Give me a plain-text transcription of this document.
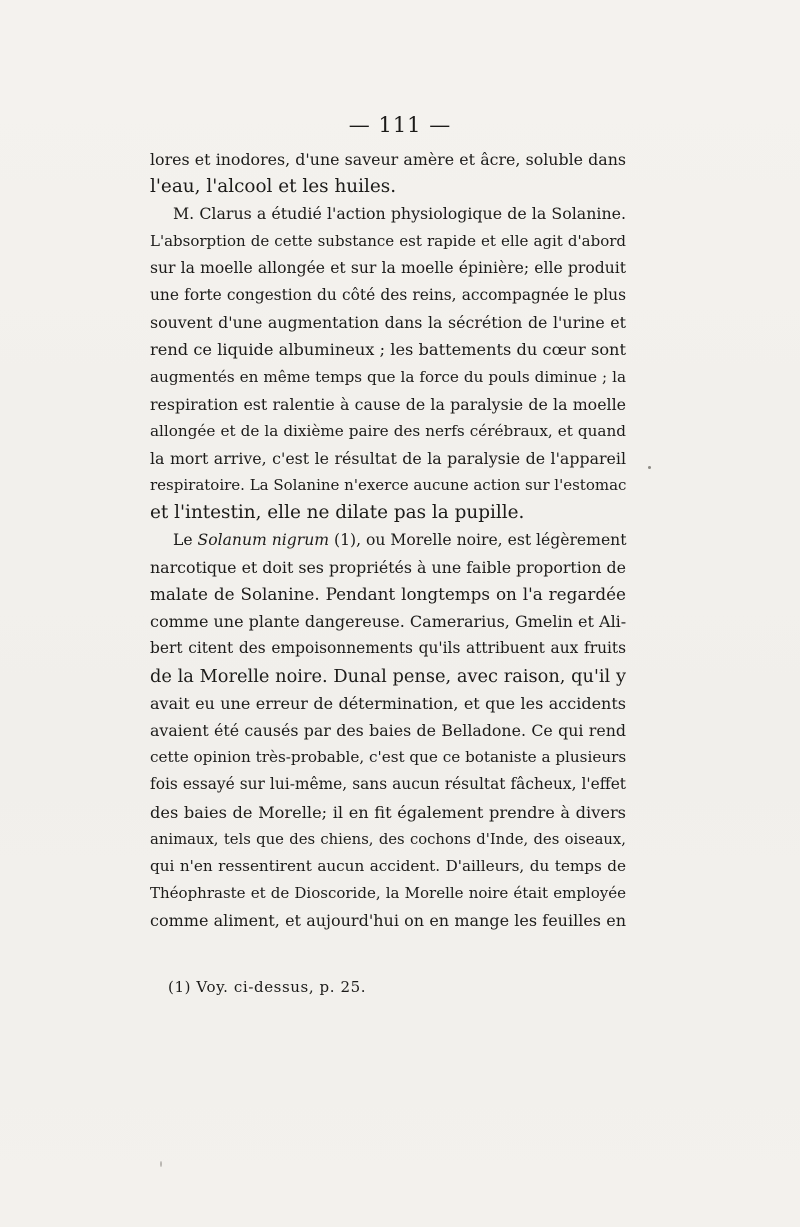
— 111 —
lores et inodores, d'une saveur amère et âcre, soluble dans
l'eau, l'alcool et les huiles.
M. Clarus a étudié l'action physiologique de la Solanine.
L'absorption de cette substance est rapide et elle agit d'abord
sur la moelle allongée et sur la moelle épinière; elle produit
une forte congestion du côté des reins, accompagnée le plus
souvent d'une augmentation dans la sécrétion de l'urine et
rend ce liquide albumineux ; les battements du cœur sont
augmentés en même temps que la force du pouls diminue ; la
respiration est ralentie à cause de la paralysie de la moelle
allongée et de la dixième paire des nerfs cérébraux, et quand
la mort arrive, c'est le résultat de la paralysie de l'appareil
respiratoire. La Solanine n'exerce aucune action sur l'estomac
et l'intestin, elle ne dilate pas la pupille.
Le Solanum nigrum (1), ou Morelle noire, est légèrement
narcotique et doit ses propriétés à une faible proportion de
malate de Solanine. Pendant longtemps on l'a regardée
comme une plante dangereuse. Camerarius, Gmelin et Ali-
bert citent des empoisonnements qu'ils attribuent aux fruits
de la Morelle noire. Dunal pense, avec raison, qu'il y
avait eu une erreur de détermination, et que les accidents
avaient été causés par des baies de Belladone. Ce qui rend
cette opinion très-probable, c'est que ce botaniste a plusieurs
fois essayé sur lui-même, sans aucun résultat fâcheux, l'effet
des baies de Morelle; il en fit également prendre à divers
animaux, tels que des chiens, des cochons d'Inde, des oiseaux,
qui n'en ressentirent aucun accident. D'ailleurs, du temps de
Théophraste et de Dioscoride, la Morelle noire était employée
comme aliment, et aujourd'hui on en mange les feuilles en
(1) Voy. ci-dessus, p. 25.
